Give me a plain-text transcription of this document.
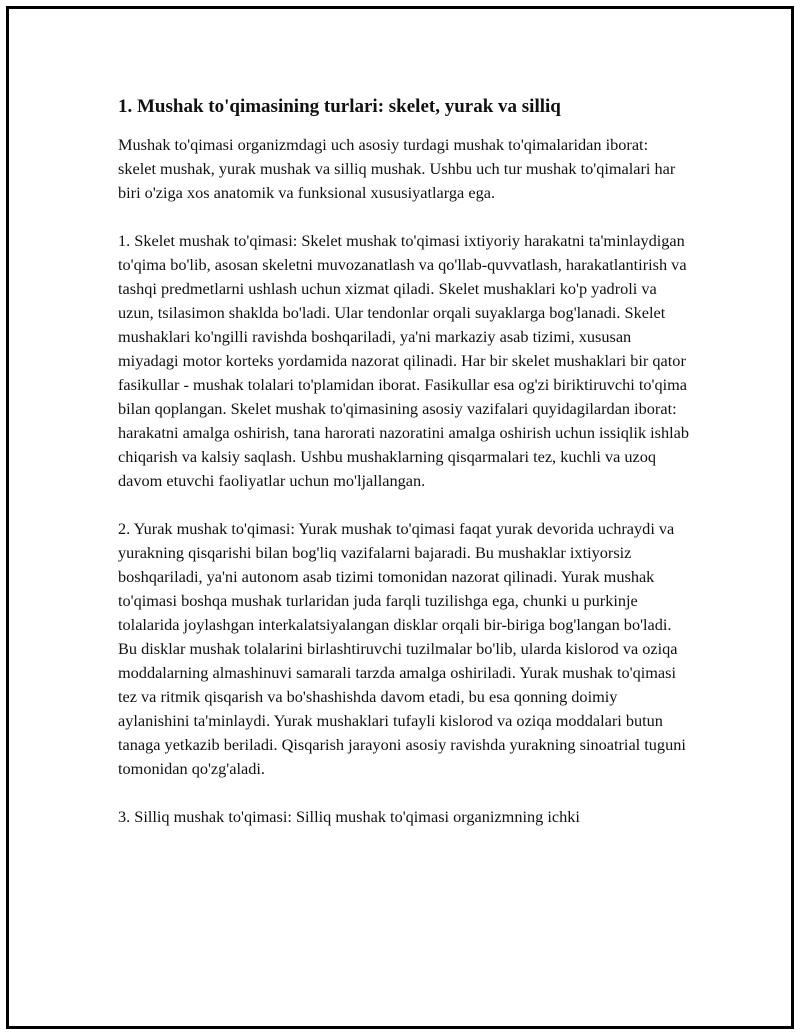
1. Mushak to'qimasining turlari: skelet, yurak va silliq

Mushak to'qimasi organizmdagi uch asosiy turdagi mushak to'qimalaridan iborat: skelet mushak, yurak mushak va silliq mushak. Ushbu uch tur mushak to'qimalari har biri o'ziga xos anatomik va funksional xususiyatlarga ega.

1. Skelet mushak to'qimasi: Skelet mushak to'qimasi ixtiyoriy harakatni ta'minlaydigan to'qima bo'lib, asosan skeletni muvozanatlash va qo'llab-quvvatlash, harakatlantirish va tashqi predmetlarni ushlash uchun xizmat qiladi. Skelet mushaklari ko'p yadroli va uzun, tsilasimon shaklda bo'ladi. Ular tendonlar orqali suyaklarga bog'lanadi. Skelet mushaklari ko'ngilli ravishda boshqariladi, ya'ni markaziy asab tizimi, xususan miyadagi motor korteks yordamida nazorat qilinadi. Har bir skelet mushaklari bir qator fasikullar - mushak tolalari to'plamidan iborat. Fasikullar esa og'zi biriktiruvchi to'qima bilan qoplangan. Skelet mushak to'qimasining asosiy vazifalari quyidagilardan iborat: harakatni amalga oshirish, tana harorati nazoratini amalga oshirish uchun issiqlik ishlab chiqarish va kalsiy saqlash. Ushbu mushaklarning qisqarmalari tez, kuchli va uzoq davom etuvchi faoliyatlar uchun mo'ljallangan.

2. Yurak mushak to'qimasi: Yurak mushak to'qimasi faqat yurak devorida uchraydi va yurakning qisqarishi bilan bog'liq vazifalarni bajaradi. Bu mushaklar ixtiyorsiz boshqariladi, ya'ni autonom asab tizimi tomonidan nazorat qilinadi. Yurak mushak to'qimasi boshqa mushak turlaridan juda farqli tuzilishga ega, chunki u purkinje tolalarida joylashgan interkalatsiyalangan disklar orqali bir-biriga bog'langan bo'ladi. Bu disklar mushak tolalarini birlashtiruvchi tuzilmalar bo'lib, ularda kislorod va oziqa moddalarning almashinuvi samarali tarzda amalga oshiriladi. Yurak mushak to'qimasi tez va ritmik qisqarish va bo'shashishda davom etadi, bu esa qonning doimiy aylanishini ta'minlaydi. Yurak mushaklari tufayli kislorod va oziqa moddalari butun tanaga yetkazib beriladi. Qisqarish jarayoni asosiy ravishda yurakning sinoatrial tuguni tomonidan qo'zg'aladi.

3. Silliq mushak to'qimasi: Silliq mushak to'qimasi organizmning ichki
